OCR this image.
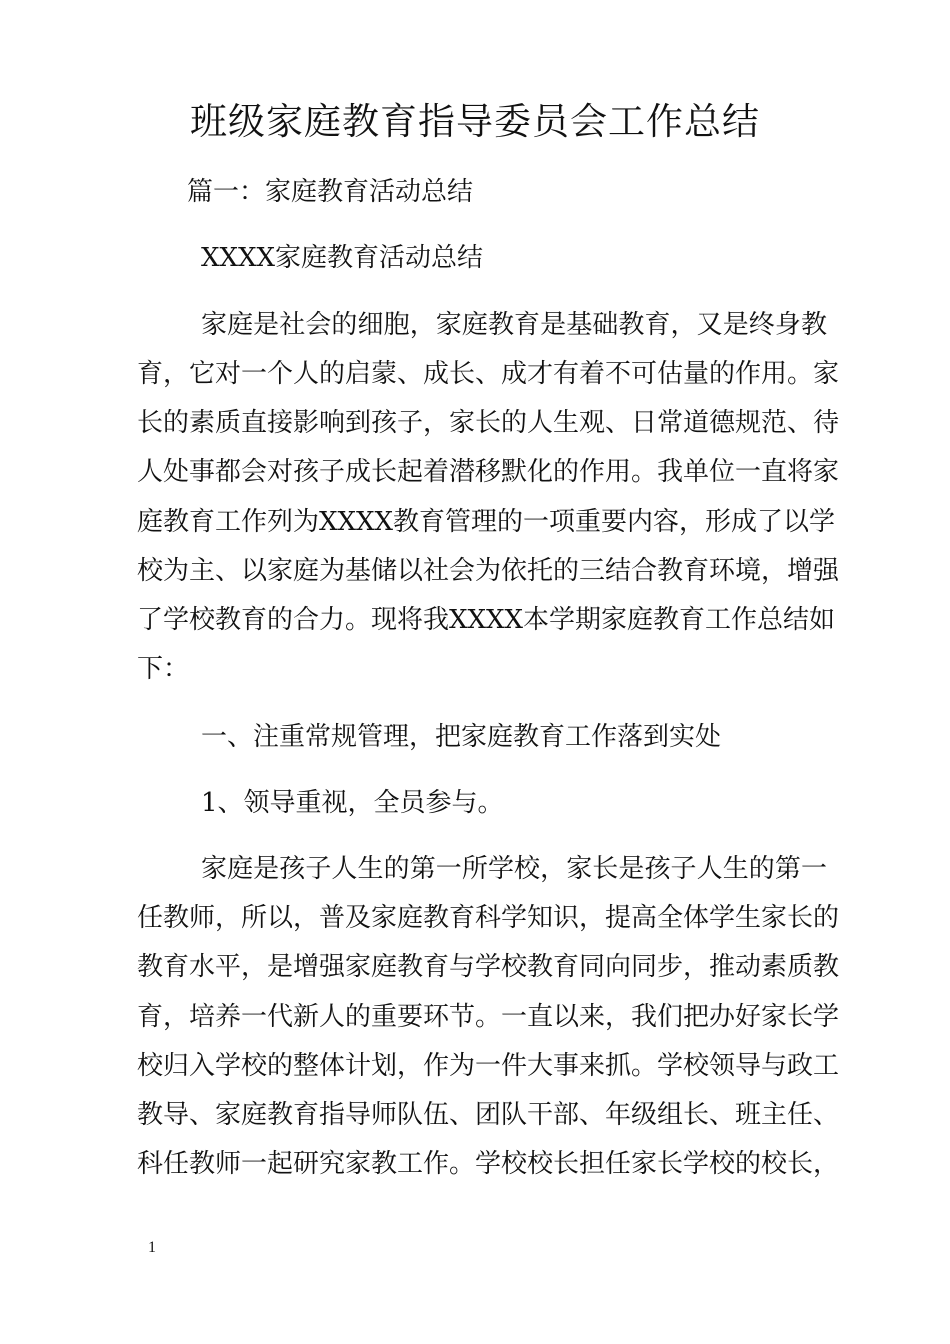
班级家庭教育指导委员会工作总结
篇一：家庭教育活动总结
XXXX家庭教育活动总结
家庭是社会的细胞，家庭教育是基础教育，又是终身教
育，它对一个人的启蒙、成长、成才有着不可估量的作用。家
长的素质直接影响到孩子，家长的人生观、日常道德规范、待
人处事都会对孩子成长起着潜移默化的作用。我单位一直将家
庭教育工作列为XXXX教育管理的一项重要内容，形成了以学
校为主、以家庭为基储以社会为依托的三结合教育环境，增强
了学校教育的合力。现将我XXXX本学期家庭教育工作总结如
下：
一、注重常规管理，把家庭教育工作落到实处
1、领导重视，全员参与。
家庭是孩子人生的第一所学校，家长是孩子人生的第一
任教师，所以，普及家庭教育科学知识，提高全体学生家长的
教育水平，是增强家庭教育与学校教育同向同步，推动素质教
育，培养一代新人的重要环节。一直以来，我们把办好家长学
校归入学校的整体计划，作为一件大事来抓。学校领导与政工
教导、家庭教育指导师队伍、团队干部、年级组长、班主任、
科任教师一起研究家教工作。学校校长担任家长学校的校长，
1
